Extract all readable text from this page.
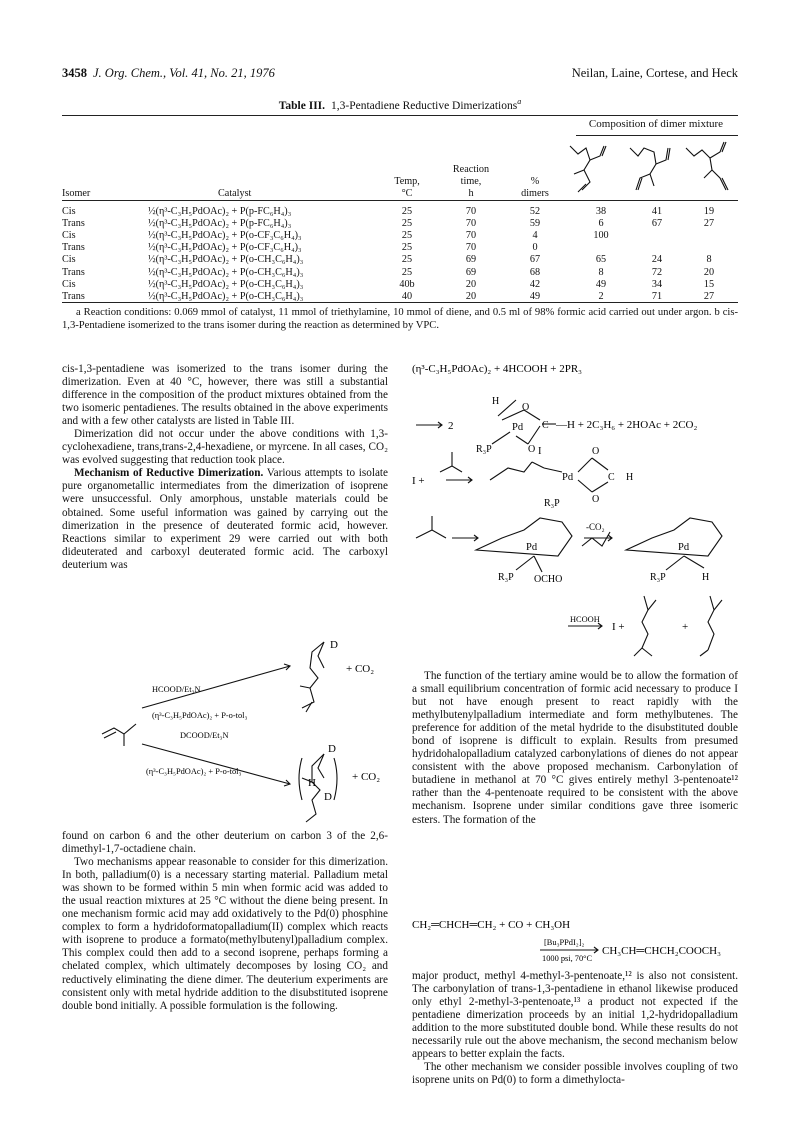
3458 J. Org. Chem., Vol. 41, No. 21, 1976	Neilan, Laine, Cortese, and Heck
Table III. 1,3-Pentadiene Reductive Dimerizations$^a$
Composition of dimer mixture
Reaction
Temp,	time,	%
Isomer	Catalyst	°C	h	dimers
Cis	½(η³-C₃H₅PdOAc)₂ + P(p-FC₆H₄)₃	25	70	52	38	41	19
Trans	½(η³-C₃H₅PdOAc)₂ + P(p-FC₆H₄)₃	25	70	59	6	67	27
Cis	½(η³-C₃H₅PdOAc)₂ + P(o-CF₃C₆H₄)₃	25	70	4	100
Trans	½(η³-C₃H₅PdOAc)₂ + P(o-CF₃C₆H₄)₃	25	70	0
Cis	½(η³-C₃H₅PdOAc)₂ + P(o-CH₃C₆H₄)₃	25	69	67	65	24	8
Trans	½(η³-C₃H₅PdOAc)₂ + P(o-CH₃C₆H₄)₃	25	69	68	8	72	20
Cis	½(η³-C₃H₅PdOAc)₂ + P(o-CH₃C₆H₄)₃	40b	20	42	49	34	15
Trans	½(η³-C₃H₅PdOAc)₂ + P(o-CH₃C₆H₄)₃	40	20	49	2	71	27
a Reaction conditions: 0.069 mmol of catalyst, 11 mmol of triethylamine, 10 mmol of diene, and 0.5 ml of 98% formic acid carried out under argon. b cis-1,3-Pentadiene isomerized to the trans isomer during the reaction as determined by VPC.

cis-1,3-pentadiene was isomerized to the trans isomer during the dimerization. Even at 40 °C, however, there was still a substantial difference in the composition of the product mixtures obtained from the two isomeric pentadienes. The results obtained in the above experiments and with a few other catalysts are listed in Table III.

Dimerization did not occur under the above conditions with 1,3-cyclohexadiene, trans,trans-2,4-hexadiene, or myrcene. In all cases, CO₂ was evolved suggesting that reduction took place.

Mechanism of Reductive Dimerization. Various attempts to isolate pure organometallic intermediates from the dimerization of isoprene were unsuccessful. Only amorphous, unstable materials could be obtained. Some useful information was gained by carrying out the dimerization in the presence of deuterated formic acid, however. Reactions similar to experiment 29 were carried out with both dideuterated and carboxyl deuterated formic acid. The carboxyl deuterium was

D
D
D
H
+ CO₂
+ CO₂
HCOOD/Et₃N
(η³-C₃H₅PdOAc)₂ + P-o-tol₃
DCOOD/Et₃N
(η³-C₃H₅PdOAc)₂ + P-o-tol₃

found on carbon 6 and the other deuterium on carbon 3 of the 2,6-dimethyl-1,7-octadiene chain.

Two mechanisms appear reasonable to consider for this dimerization. In both, palladium(0) is a necessary starting material. Palladium metal was shown to be formed within 5 min when formic acid was added to the usual reaction mixtures at 25 °C without the diene being present. In one mechanism formic acid may add oxidatively to the Pd(0) phosphine complex to form a hydridoformatopalladium(II) complex which reacts with isoprene to produce a formato(methylbutenyl)palladium complex. This complex could then add to a second isoprene, perhaps forming a chelated complex, which ultimately decomposes by losing CO₂ and reductively eliminating the diene dimer. The deuterium experiments are consistent only with metal hydride addition to the disubstituted isoprene double bond initially. A possible formulation is the following.

(η³-C₃H₅PdOAc)₂ + 4HCOOH + 2PR₃
2
H
Pd
R₃P
O
O
C —H + 2C₃H₆ + 2HOAc + 2CO₂
I
I +	Pd
O
O
C H
R₃P
Pd
R₃P OCHO
-CO₂
Pd
R₃P	H
HCOOH
I +	+

The function of the tertiary amine would be to allow the formation of a small equilibrium concentration of formic acid necessary to produce I but not have enough present to react rapidly with the methylbutenylpalladium intermediate and form methylbutenes. The preference for addition of the metal hydride to the disubstituted double bond of isoprene is difficult to explain. Results from presumed hydridohalopalladium catalyzed carbonylations of dienes do not appear consistent with the above proposed mechanism. Carbonylation of butadiene in methanol at 70 °C gives entirely methyl 3-pentenoate¹² rather than the 4-pentenoate required to be consistent with the above mechanism. Isoprene under similar conditions gave three isomeric esters. The formation of the

CH₂═CHCH═CH₂ + CO + CH₃OH
[Bu₃PPdI₂]₂
1000 psi, 70°C
CH₃CH═CHCH₂COOCH₃

major product, methyl 4-methyl-3-pentenoate,¹² is also not consistent. The carbonylation of trans-1,3-pentadiene in ethanol likewise produced only ethyl 2-methyl-3-pentenoate,¹³ a product not expected if the pentadiene dimerization proceeds by an initial 1,2-hydridopalladium addition to the more substituted double bond. While these results do not necessarily rule out the above mechanism, the second mechanism below appears to better explain the facts.

The other mechanism we consider possible involves coupling of two isoprene units on Pd(0) to form a dimethylocta-
